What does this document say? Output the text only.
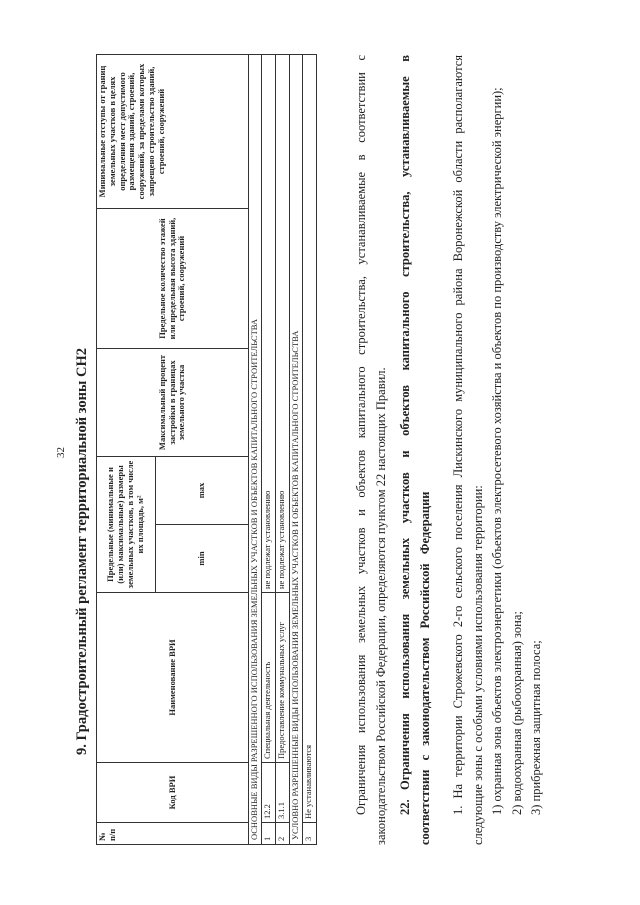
32 9. Градостроительный регламент территориальной зоны СН2
№ п/п	Код ВРИ	Наименование ВРИ	Предельные (минимальные и (или) максимальные) размеры земельных участков, в том числе их площадь, м²		Максимальный процент застройки в границах земельного участка	Предельное количество этажей или предельная высота зданий, строений, сооружений	Минимальные отступы от границ земельных участков в целях определения мест допустимого размещения зданий, строений, сооружений, за пределами которых запрещено строительство зданий, строений, сооружений
			min	max			
ОСНОВНЫЕ ВИДЫ РАЗРЕШЕННОГО ИСПОЛЬЗОВАНИЯ ЗЕМЕЛЬНЫХ УЧАСТКОВ И ОБЪЕКТОВ КАПИТАЛЬНОГО СТРОИТЕЛЬСТВА							
1	12.2	Специальная деятельность	не подлежат установлению				
2	3.1.1	Предоставление коммунальных услуг	не подлежат установлению				
УСЛОВНО РАЗРЕШЕННЫЕ ВИДЫ ИСПОЛЬЗОВАНИЯ ЗЕМЕЛЬНЫХ УЧАСТКОВ И ОБЪЕКТОВ КАПИТАЛЬНОГО СТРОИТЕЛЬСТВА							
3	Не устанавливаются							Ограничения использования земельных участков и объектов капитального строительства, устанавливаемые в соответствии с законодательством Российской Федерации, определяются пунктом 22 настоящих Правил. 22.Ограничения использования земельных участков и объектов капитального строительства, устанавливаемые в соответствии с законодательством Российской Федерации 1. На территории Строжевского 2-го сельского поселения Лискинского муниципального района Воронежской области располагаются следующие зоны с особыми условиями использования территории: 1) охранная зона объектов электроэнергетики (объектов электросетевого хозяйства и объектов по производству электрической энергии); 2) водоохранная (рыбоохранная) зона; 3) прибрежная защитная полоса;
